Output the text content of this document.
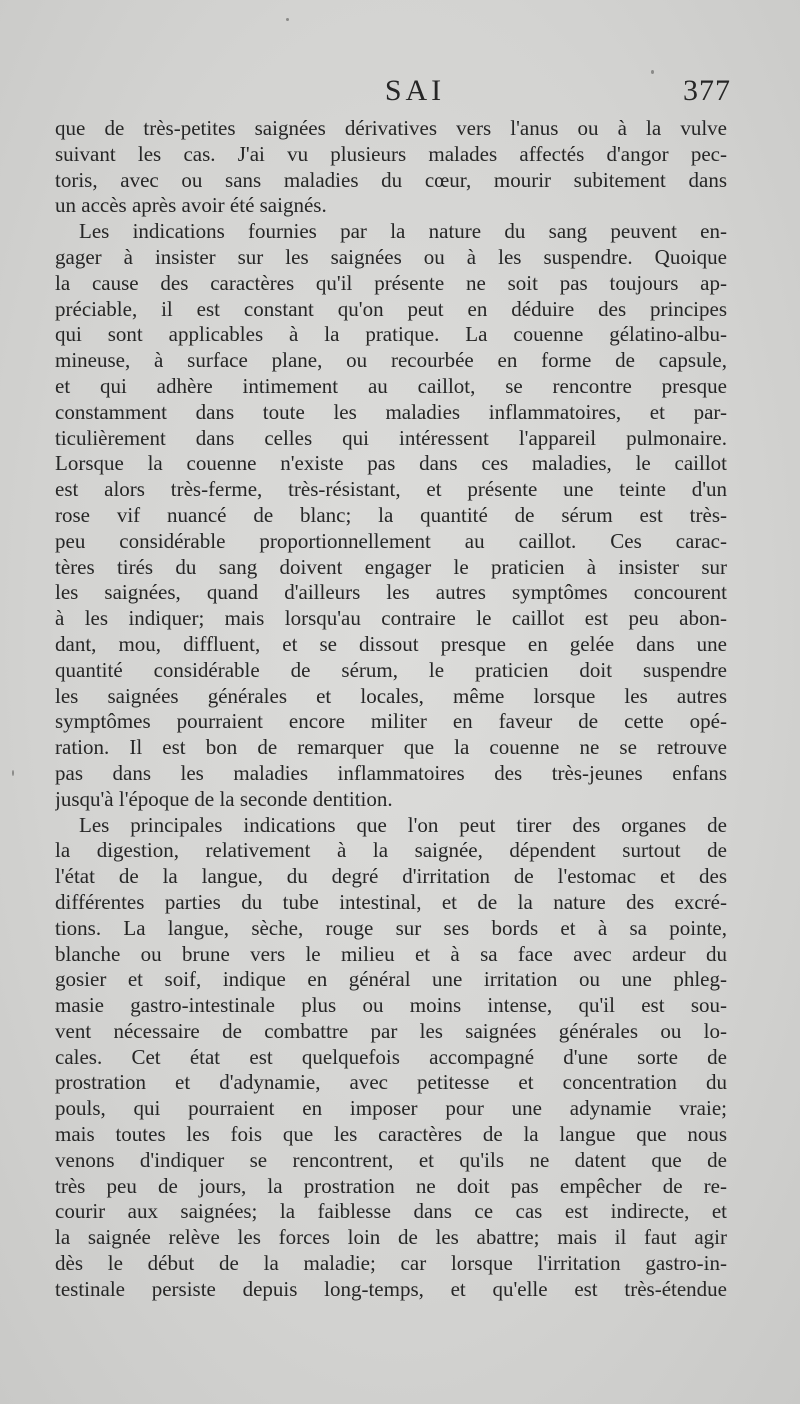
SAI	377
que de très-petites saignées dérivatives vers l'anus ou à la vulve
suivant les cas. J'ai vu plusieurs malades affectés d'angor pec-
toris, avec ou sans maladies du cœur, mourir subitement dans
un accès après avoir été saignés.
Les indications fournies par la nature du sang peuvent en-
gager à insister sur les saignées ou à les suspendre. Quoique
la cause des caractères qu'il présente ne soit pas toujours ap-
préciable, il est constant qu'on peut en déduire des principes
qui sont applicables à la pratique. La couenne gélatino-albu-
mineuse, à surface plane, ou recourbée en forme de capsule,
et qui adhère intimement au caillot, se rencontre presque
constamment dans toute les maladies inflammatoires, et par-
ticulièrement dans celles qui intéressent l'appareil pulmonaire.
Lorsque la couenne n'existe pas dans ces maladies, le caillot
est alors très-ferme, très-résistant, et présente une teinte d'un
rose vif nuancé de blanc; la quantité de sérum est très-
peu considérable proportionnellement au caillot. Ces carac-
tères tirés du sang doivent engager le praticien à insister sur
les saignées, quand d'ailleurs les autres symptômes concourent
à les indiquer; mais lorsqu'au contraire le caillot est peu abon-
dant, mou, diffluent, et se dissout presque en gelée dans une
quantité considérable de sérum, le praticien doit suspendre
les saignées générales et locales, même lorsque les autres
symptômes pourraient encore militer en faveur de cette opé-
ration. Il est bon de remarquer que la couenne ne se retrouve
pas dans les maladies inflammatoires des très-jeunes enfans
jusqu'à l'époque de la seconde dentition.
Les principales indications que l'on peut tirer des organes de
la digestion, relativement à la saignée, dépendent surtout de
l'état de la langue, du degré d'irritation de l'estomac et des
différentes parties du tube intestinal, et de la nature des excré-
tions. La langue, sèche, rouge sur ses bords et à sa pointe,
blanche ou brune vers le milieu et à sa face avec ardeur du
gosier et soif, indique en général une irritation ou une phleg-
masie gastro-intestinale plus ou moins intense, qu'il est sou-
vent nécessaire de combattre par les saignées générales ou lo-
cales. Cet état est quelquefois accompagné d'une sorte de
prostration et d'adynamie, avec petitesse et concentration du
pouls, qui pourraient en imposer pour une adynamie vraie;
mais toutes les fois que les caractères de la langue que nous
venons d'indiquer se rencontrent, et qu'ils ne datent que de
très peu de jours, la prostration ne doit pas empêcher de re-
courir aux saignées; la faiblesse dans ce cas est indirecte, et
la saignée relève les forces loin de les abattre; mais il faut agir
dès le début de la maladie; car lorsque l'irritation gastro-in-
testinale persiste depuis long-temps, et qu'elle est très-étendue
